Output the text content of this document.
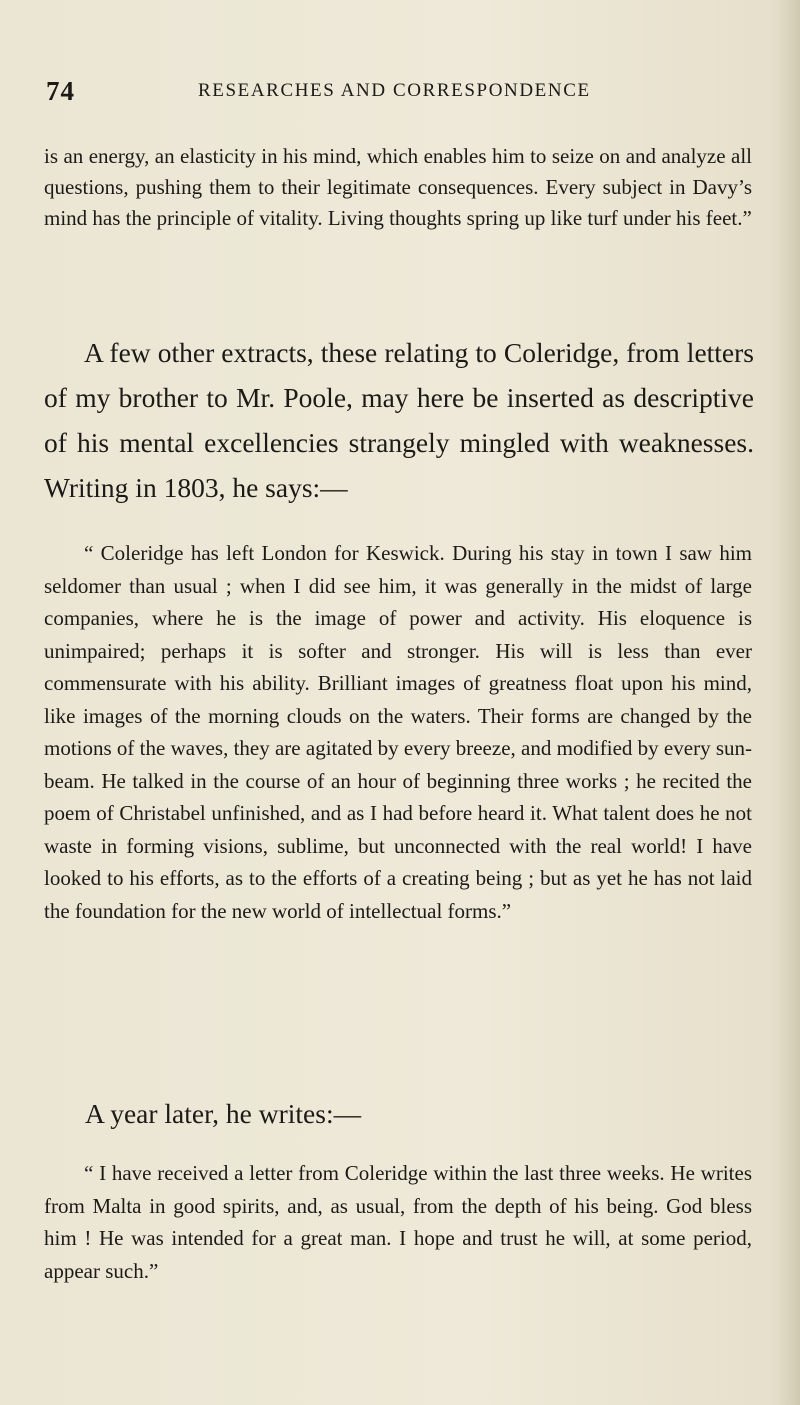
74	RESEARCHES AND CORRESPONDENCE

is an energy, an elasticity in his mind, which enables him to seize on and analyze all questions, pushing them to their legitimate consequences. Every subject in Davy’s mind has the principle of vitality. Living thoughts spring up like turf under his feet.”

A few other extracts, these relating to Coleridge, from letters of my brother to Mr. Poole, may here be inserted as descriptive of his mental excellencies strangely mingled with weaknesses. Writing in 1803, he says:—

“ Coleridge has left London for Keswick. During his stay in town I saw him seldomer than usual ; when I did see him, it was generally in the midst of large companies, where he is the image of power and activity. His eloquence is unimpaired; perhaps it is softer and stronger. His will is less than ever commensurate with his ability. Brilliant images of greatness float upon his mind, like images of the morning clouds on the waters. Their forms are changed by the motions of the waves, they are agitated by every breeze, and modified by every sun-beam. He talked in the course of an hour of beginning three works ; he recited the poem of Christabel unfinished, and as I had before heard it. What talent does he not waste in forming visions, sublime, but unconnected with the real world! I have looked to his efforts, as to the efforts of a creating being ; but as yet he has not laid the foundation for the new world of intellectual forms.”

A year later, he writes:—

“ I have received a letter from Coleridge within the last three weeks. He writes from Malta in good spirits, and, as usual, from the depth of his being. God bless him ! He was intended for a great man. I hope and trust he will, at some period, appear such.”
